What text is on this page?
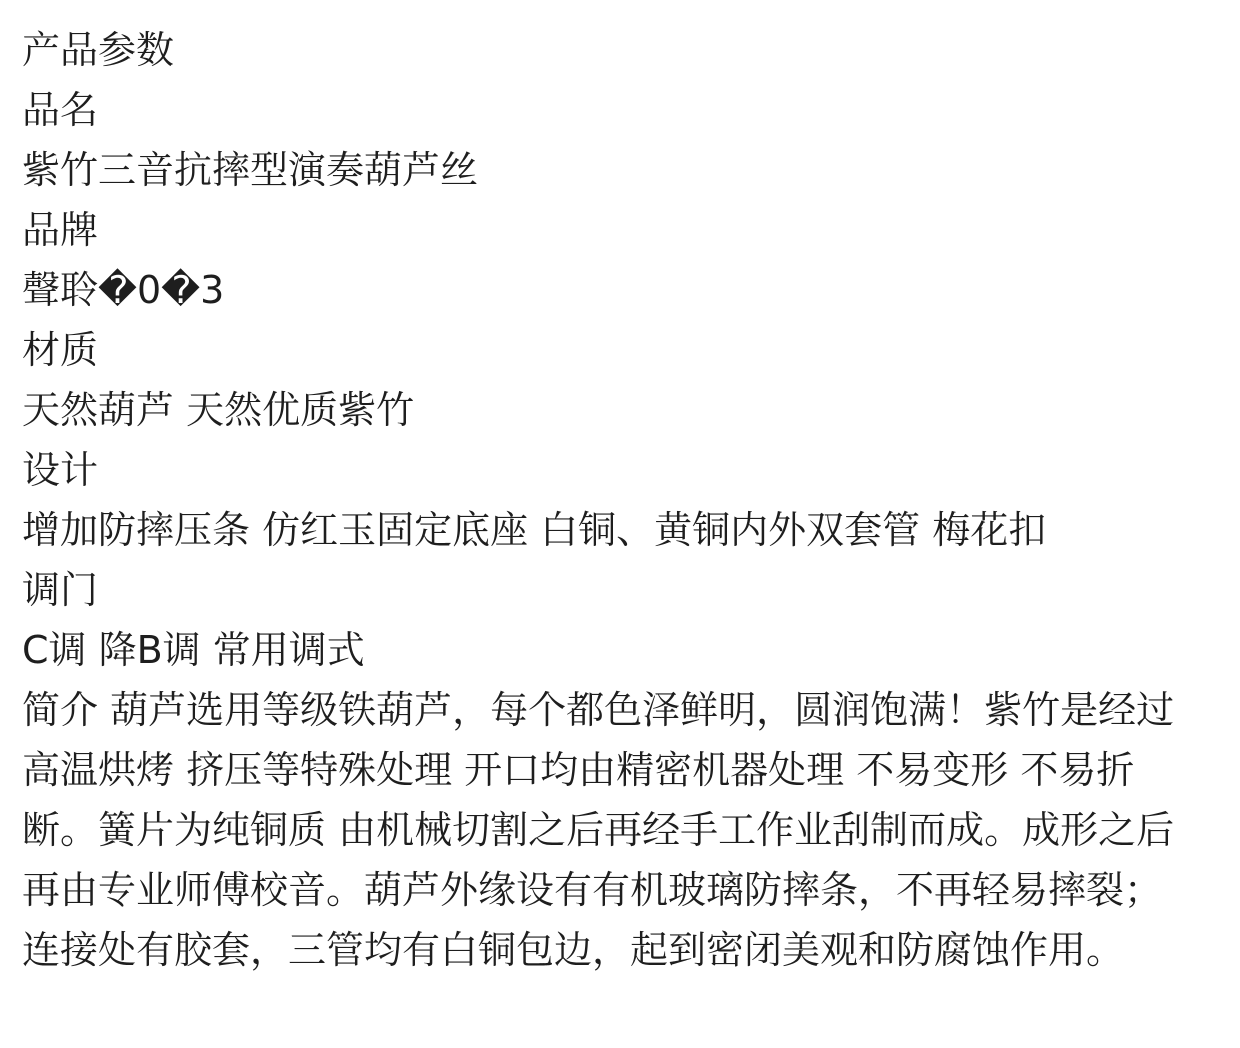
产品参数
品名
紫竹三音抗摔型演奏葫芦丝
品牌
聲聆�0�3
材质
天然葫芦 天然优质紫竹
设计
增加防摔压条 仿红玉固定底座 白铜、黄铜内外双套管 梅花扣
调门
C调 降B调 常用调式
简介 葫芦选用等级铁葫芦，每个都色泽鲜明，圆润饱满！紫竹是经过
高温烘烤 挤压等特殊处理 开口均由精密机器处理 不易变形 不易折
断。簧片为纯铜质 由机械切割之后再经手工作业刮制而成。成形之后
再由专业师傅校音。葫芦外缘设有有机玻璃防摔条，不再轻易摔裂；
连接处有胶套，三管均有白铜包边，起到密闭美观和防腐蚀作用。
